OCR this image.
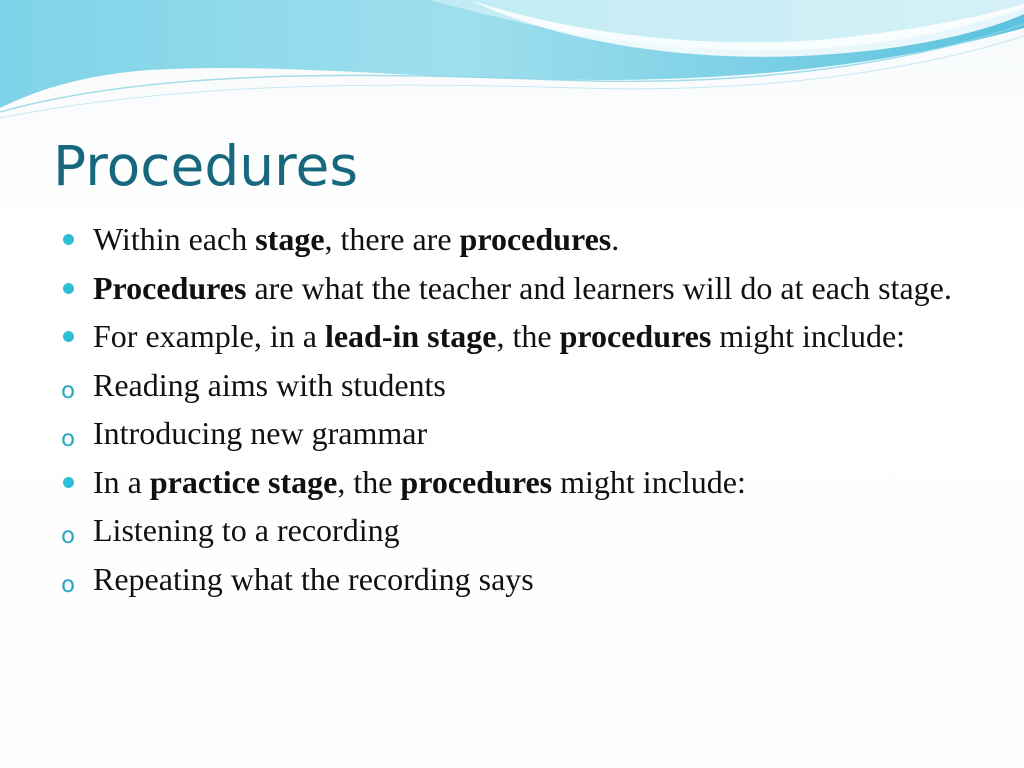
Procedures
Within each stage, there are procedures.
Procedures are what the teacher and learners will do at each stage.
For example, in a lead-in stage, the procedures might include:
o Reading aims with students
o Introducing new grammar
In a practice stage, the procedures might include:
o Listening to a recording
o Repeating what the recording says
